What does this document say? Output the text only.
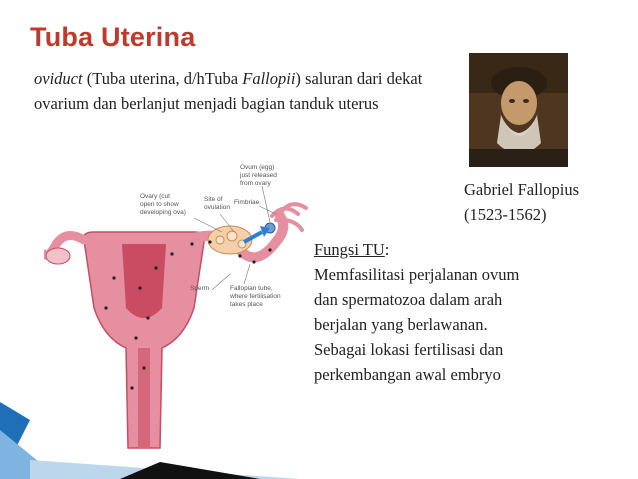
Tuba Uterina
oviduct (Tuba uterina, d/hTuba Fallopii) saluran dari dekat ovarium dan berlanjut menjadi bagian tanduk uterus
Gabriel Fallopius
(1523-1562)
Ovary (cut
open to show
developing ova)
Site of
ovulation
Ovum (egg)
just released
from ovary
Fimbriae
Sperm	Fallopian tube,
where fertilisation
takes place
Fungsi TU:
Memfasilitasi perjalanan ovum
dan spermatozoa dalam arah
berjalan yang berlawanan.
Sebagai lokasi fertilisasi dan
perkembangan awal embryo
